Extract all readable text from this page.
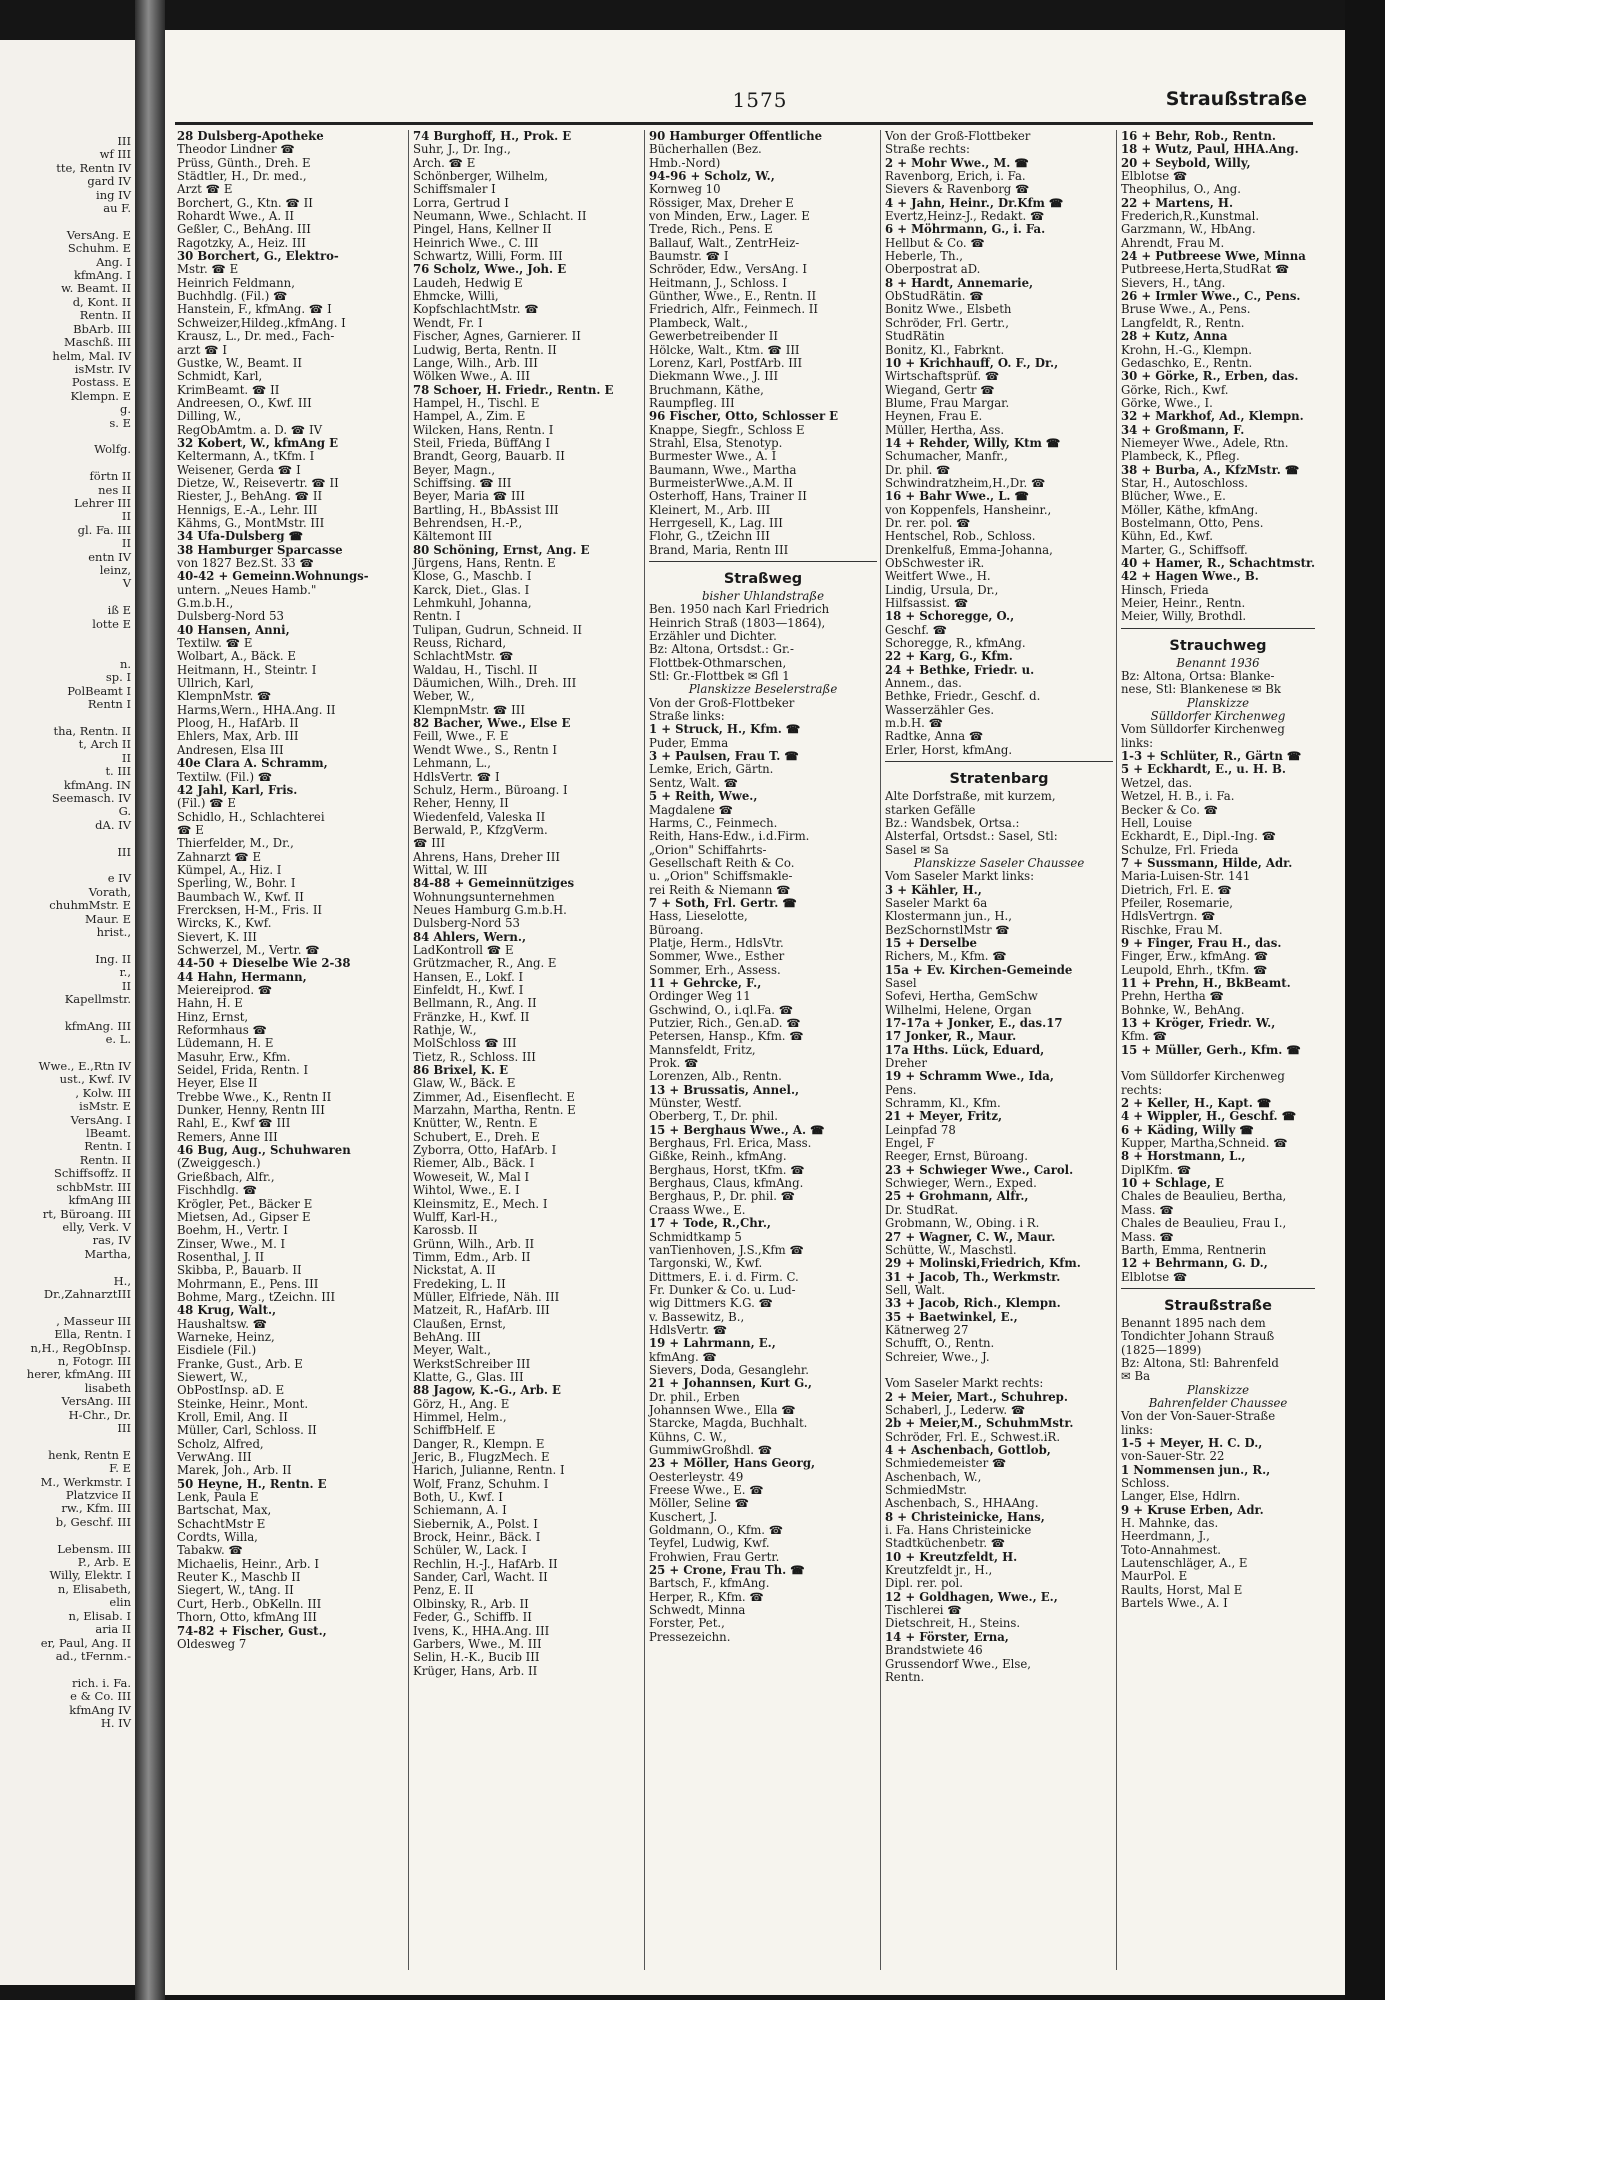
III
wf III
tte, Rentn IV
gard IV
ing IV
au F.

VersAng. E
Schuhm. E
Ang. I
kfmAng. I
w. Beamt. II
d, Kont. II
Rentn. II
BbArb. III
Maschß. III
helm, Mal. IV
isMstr. IV
Postass. E
Klempn. E
g.
s. E

Wolfg.

förtn II
nes II
Lehrer III
II
gl. Fa. III
II
entn IV
leinz,
V

iß E
lotte E

n.
sp. I
PolBeamt I
Rentn I

tha, Rentn. II
t, Arch II
II
t. III
kfmAng. IN
Seemasch. IV
G.
dA. IV

III

e IV
Vorath,
chuhmMstr. E
Maur. E
hrist.,

Ing. II
r.,
II
Kapellmstr.

kfmAng. III
e. L.

Wwe., E.,Rtn IV
ust., Kwf. IV
, Kolw. III
isMstr. E
VersAng. I
lBeamt.
Rentn. I
Rentn. II
Schiffsoffz. II
schbMstr. III
kfmAng III
rt, Büroang. III
elly, Verk. V
ras, IV
Martha,

H.,
Dr.,ZahnarztIII

, Masseur III
Ella, Rentn. I
n,H., RegObInsp.
n, Fotogr. III
herer, kfmAng. III
lisabeth
VersAng. III
H-Chr., Dr.
III

henk, Rentn E
F. E
M., Werkmstr. I
Platzvice II
rw., Kfm. III
b, Geschf. III

Lebensm. III
P., Arb. E
Willy, Elektr. I
n, Elisabeth,
elin
n, Elisab. I
aria II
er, Paul, Ang. II
ad., tFernm.-

rich. i. Fa.
e & Co. III
kfmAng IV
H. IV
1575	Straußstraße
28 Dulsberg-Apotheke
Theodor Lindner ☎
Prüss, Günth., Dreh. E
Städtler, H., Dr. med.,
Arzt ☎ E
Borchert, G., Ktn. ☎ II
Rohardt Wwe., A. II
Geßler, C., BehAng. III
Ragotzky, A., Heiz. III
30 Borchert, G., Elektro-
Mstr. ☎ E
Heinrich Feldmann,
Buchhdlg. (Fil.) ☎
Hanstein, F., kfmAng. ☎ I
Schweizer,Hildeg.,kfmAng. I
Krausz, L., Dr. med., Fach-
arzt ☎ I
Gustke, W., Beamt. II
Schmidt, Karl,
KrimBeamt. ☎ II
Andreesen, O., Kwf. III
Dilling, W.,
RegObAmtm. a. D. ☎ IV
32 Kobert, W., kfmAng E
Keltermann, A., tKfm. I
Weisener, Gerda ☎ I
Dietze, W., Reisevertr. ☎ II
Riester, J., BehAng. ☎ II
Hennigs, E.-A., Lehr. III
Kähms, G., MontMstr. III
34 Ufa-Dulsberg ☎
38 Hamburger Sparcasse
von 1827 Bez.St. 33 ☎
40-42 + Gemeinn.Wohnungs-
untern. „Neues Hamb."
G.m.b.H.,
Dulsberg-Nord 53
40 Hansen, Anni,
Textilw. ☎ E
Wolbart, A., Bäck. E
Heitmann, H., Steintr. I
Ullrich, Karl,
KlempnMstr. ☎
Harms,Wern., HHA.Ang. II
Ploog, H., HafArb. II
Ehlers, Max, Arb. III
Andresen, Elsa III
40e Clara A. Schramm,
Textilw. (Fil.) ☎
42 Jahl, Karl, Fris.
(Fil.) ☎ E
Schidlo, H., Schlachterei
☎ E
Thierfelder, M., Dr.,
Zahnarzt ☎ E
Kümpel, A., Hiz. I
Sperling, W., Bohr. I
Baumbach W., Kwf. II
Frercksen, H-M., Fris. II
Wircks, K., Kwf.
Sievert, K. III
Schwerzel, M., Vertr. ☎
44-50 + Dieselbe Wie 2-38
44 Hahn, Hermann,
Meiereiprod. ☎
Hahn, H. E
Hinz, Ernst,
Reformhaus ☎
Lüdemann, H. E
Masuhr, Erw., Kfm.
Seidel, Frida, Rentn. I
Heyer, Else II
Trebbe Wwe., K., Rentn II
Dunker, Henny, Rentn III
Rahl, E., Kwf ☎ III
Remers, Anne III
46 Bug, Aug., Schuhwaren
(Zweiggesch.)
Grießbach, Alfr.,
Fischhdlg. ☎
Krögler, Pet., Bäcker E
Mietsen, Ad., Gipser E
Boehm, H., Vertr. I
Zinser, Wwe., M. I
Rosenthal, J. II
Skibba, P., Bauarb. II
Mohrmann, E., Pens. III
Bohme, Marg., tZeichn. III
48 Krug, Walt.,
Haushaltsw. ☎
Warneke, Heinz,
Eisdiele (Fil.)
Franke, Gust., Arb. E
Siewert, W.,
ObPostInsp. aD. E
Steinke, Heinr., Mont.
Kroll, Emil, Ang. II
Müller, Carl, Schloss. II
Scholz, Alfred,
VerwAng. III
Marek, Joh., Arb. II
50 Heyne, H., Rentn. E
Lenk, Paula E
Bartschat, Max,
SchachtMstr E
Cordts, Willa,
Tabakw. ☎
Michaelis, Heinr., Arb. I
Reuter K., Maschb II
Siegert, W., tAng. II
Curt, Herb., ObKelln. III
Thorn, Otto, kfmAng III
74-82 + Fischer, Gust.,
Oldesweg 7
74 Burghoff, H., Prok. E
Suhr, J., Dr. Ing.,
Arch. ☎ E
Schönberger, Wilhelm,
Schiffsmaler I
Lorra, Gertrud I
Neumann, Wwe., Schlacht. II
Pingel, Hans, Kellner II
Heinrich Wwe., C. III
Schwartz, Willi, Form. III
76 Scholz, Wwe., Joh. E
Laudeh, Hedwig E
Ehmcke, Willi,
KopfschlachtMstr. ☎
Wendt, Fr. I
Fischer, Agnes, Garnierer. II
Ludwig, Berta, Rentn. II
Lange, Wilh., Arb. III
Wölken Wwe., A. III
78 Schoer, H. Friedr., Rentn. E
Hampel, H., Tischl. E
Hampel, A., Zim. E
Wilcken, Hans, Rentn. I
Steil, Frieda, BüffAng I
Brandt, Georg, Bauarb. II
Beyer, Magn.,
Schiffsing. ☎ III
Beyer, Maria ☎ III
Bartling, H., BbAssist III
Behrendsen, H.-P.,
Kältemont III
80 Schöning, Ernst, Ang. E
Jürgens, Hans, Rentn. E
Klose, G., Maschb. I
Karck, Diet., Glas. I
Lehmkuhl, Johanna,
Rentn. I
Tulipan, Gudrun, Schneid. II
Reuss, Richard,
SchlachtMstr. ☎
Waldau, H., Tischl. II
Däumichen, Wilh., Dreh. III
Weber, W.,
KlempnMstr. ☎ III
82 Bacher, Wwe., Else E
Feill, Wwe., F. E
Wendt Wwe., S., Rentn I
Lehmann, L.,
HdlsVertr. ☎ I
Schulz, Herm., Büroang. I
Reher, Henny, II
Wiedenfeld, Valeska II
Berwald, P., KfzgVerm.
☎ III
Ahrens, Hans, Dreher III
Wittal, W. III
84-88 + Gemeinnütziges
Wohnungsunternehmen
Neues Hamburg G.m.b.H.
Dulsberg-Nord 53
84 Ahlers, Wern.,
LadKontroll ☎ E
Grützmacher, R., Ang. E
Hansen, E., Lokf. I
Einfeldt, H., Kwf. I
Bellmann, R., Ang. II
Fränzke, H., Kwf. II
Rathje, W.,
MolSchloss ☎ III
Tietz, R., Schloss. III
86 Brixel, K. E
Glaw, W., Bäck. E
Zimmer, Ad., Eisenflecht. E
Marzahn, Martha, Rentn. E
Knütter, W., Rentn. E
Schubert, E., Dreh. E
Zyborra, Otto, HafArb. I
Riemer, Alb., Bäck. I
Woweseit, W., Mal I
Wihtol, Wwe., E. I
Kleinsmitz, E., Mech. I
Wulff, Karl-H.,
Karossb. II
Grünn, Wilh., Arb. II
Timm, Edm., Arb. II
Nickstat, A. II
Fredeking, L. II
Müller, Elfriede, Näh. III
Matzeit, R., HafArb. III
Claußen, Ernst,
BehAng. III
Meyer, Walt.,
WerkstSchreiber III
Klatte, G., Glas. III
88 Jagow, K.-G., Arb. E
Görz, H., Ang. E
Himmel, Helm.,
SchiffbHelf. E
Danger, R., Klempn. E
Jeric, B., FlugzMech. E
Harich, Julianne, Rentn. I
Wolf, Franz, Schuhm. I
Both, U., Kwf. I
Schiemann, A. I
Siebernik, A., Polst. I
Brock, Heinr., Bäck. I
Schüler, W., Lack. I
Rechlin, H.-J., HafArb. II
Sander, Carl, Wacht. II
Penz, E. II
Olbinsky, R., Arb. II
Feder, G., Schiffb. II
Ivens, K., HHA.Ang. III
Garbers, Wwe., M. III
Selin, H.-K., Bucib III
Krüger, Hans, Arb. II
90 Hamburger Öffentliche
Bücherhallen (Bez.
Hmb.-Nord)
94-96 + Scholz, W.,
Kornweg 10
Rössiger, Max, Dreher E
von Minden, Erw., Lager. E
Trede, Rich., Pens. E
Ballauf, Walt., ZentrHeiz-
Baumstr. ☎ I
Schröder, Edw., VersAng. I
Heitmann, J., Schloss. I
Günther, Wwe., E., Rentn. II
Friedrich, Alfr., Feinmech. II
Plambeck, Walt.,
Gewerbetreibender II
Hölcke, Walt., Ktm. ☎ III
Lorenz, Karl, PostfArb. III
Diekmann Wwe., J. III
Bruchmann, Käthe,
Raumpfleg. III
96 Fischer, Otto, Schlosser E
Knappe, Siegfr., Schloss E
Strahl, Elsa, Stenotyp.
Burmester Wwe., A. I
Baumann, Wwe., Martha
BurmeisterWwe.,A.M. II
Osterhoff, Hans, Trainer II
Kleinert, M., Arb. III
Herrgesell, K., Lag. III
Flohr, G., tZeichn III
Brand, Maria, Rentn III
Straßweg
bisher Uhlandstraße
Ben. 1950 nach Karl Friedrich
Heinrich Straß (1803—1864),
Erzähler und Dichter.
Bz: Altona, Ortsdst.: Gr.-
Flottbek-Othmarschen,
Stl: Gr.-Flottbek ✉ Gfl 1
Planskizze Beselerstraße
Von der Groß-Flottbeker
Straße links:
1 + Struck, H., Kfm. ☎
Puder, Emma
3 + Paulsen, Frau T. ☎
Lemke, Erich, Gärtn.
Sentz, Walt. ☎
5 + Reith, Wwe.,
Magdalene ☎
Harms, C., Feinmech.
Reith, Hans-Edw., i.d.Firm.
„Orion" Schiffahrts-
Gesellschaft Reith & Co.
u. „Orion" Schiffsmakle-
rei Reith & Niemann ☎
7 + Soth, Frl. Gertr. ☎
Hass, Lieselotte,
Büroang.
Platje, Herm., HdlsVtr.
Sommer, Wwe., Esther
Sommer, Erh., Assess.
11 + Gehrcke, F.,
Ordinger Weg 11
Gschwind, O., i.ql.Fa. ☎
Putzier, Rich., Gen.aD. ☎
Petersen, Hansp., Kfm. ☎
Mannsfeldt, Fritz,
Prok. ☎
Lorenzen, Alb., Rentn.
13 + Brussatis, Annel.,
Münster, Westf.
Oberberg, T., Dr. phil.
15 + Berghaus Wwe., A. ☎
Berghaus, Frl. Erica, Mass.
Gißke, Reinh., kfmAng.
Berghaus, Horst, tKfm. ☎
Berghaus, Claus, kfmAng.
Berghaus, P., Dr. phil. ☎
Craass Wwe., E.
17 + Tode, R.,Chr.,
Schmidtkamp 5
vanTienhoven, J.S.,Kfm ☎
Targonski, W., Kwf.
Dittmers, E. i. d. Firm. C.
Fr. Dunker & Co. u. Lud-
wig Dittmers K.G. ☎
v. Bassewitz, B.,
HdlsVertr. ☎
19 + Lahrmann, E.,
kfmAng. ☎
Sievers, Doda, Gesanglehr.
21 + Johannsen, Kurt G.,
Dr. phil., Erben
Johannsen Wwe., Ella ☎
Starcke, Magda, Buchhalt.
Kühns, C. W.,
GummiwGroßhdl. ☎
23 + Möller, Hans Georg,
Oesterleystr. 49
Freese Wwe., E. ☎
Möller, Seline ☎
Kuschert, J.
Goldmann, O., Kfm. ☎
Teyfel, Ludwig, Kwf.
Frohwien, Frau Gertr.
25 + Crone, Frau Th. ☎
Bartsch, F., kfmAng.
Herper, R., Kfm. ☎
Schwedt, Minna
Forster, Pet.,
Pressezeichn.
Von der Groß-Flottbeker
Straße rechts:
2 + Mohr Wwe., M. ☎
Ravenborg, Erich, i. Fa.
Sievers & Ravenborg ☎
4 + Jahn, Heinr., Dr.Kfm ☎
Evertz,Heinz-J., Redakt. ☎
6 + Möhrmann, G., i. Fa.
Hellbut & Co. ☎
Heberle, Th.,
Oberpostrat aD.
8 + Hardt, Annemarie,
ObStudRätin. ☎
Bonitz Wwe., Elsbeth
Schröder, Frl. Gertr.,
StudRätin
Bonitz, Kl., Fabrknt.
10 + Krichhauff, O. F., Dr.,
Wirtschaftsprüf. ☎
Wiegand, Gertr ☎
Blume, Frau Margar.
Heynen, Frau E.
Müller, Hertha, Ass.
14 + Rehder, Willy, Ktm ☎
Schumacher, Manfr.,
Dr. phil. ☎
Schwindratzheim,H.,Dr. ☎
16 + Bahr Wwe., L. ☎
von Koppenfels, Hansheinr.,
Dr. rer. pol. ☎
Hentschel, Rob., Schloss.
Drenkelfuß, Emma-Johanna,
ObSchwester iR.
Weitfert Wwe., H.
Lindig, Ursula, Dr.,
Hilfsassist. ☎
18 + Schoregge, O.,
Geschf. ☎
Schoregge, R., kfmAng.
22 + Karg, G., Kfm.
24 + Bethke, Friedr. u.
Annem., das.
Bethke, Friedr., Geschf. d.
Wasserzähler Ges.
m.b.H. ☎
Radtke, Anna ☎
Erler, Horst, kfmAng.
Stratenbarg
Alte Dorfstraße, mit kurzem,
starken Gefälle
Bz.: Wandsbek, Ortsa.:
Alsterfal, Ortsdst.: Sasel, Stl:
Sasel ✉ Sa
Planskizze Saseler Chaussee
Vom Saseler Markt links:
3 + Kähler, H.,
Saseler Markt 6a
Klostermann jun., H.,
BezSchornstlMstr ☎
15 + Derselbe
Richers, M., Kfm. ☎
15a + Ev. Kirchen-Gemeinde
Sasel
Sofevi, Hertha, GemSchw
Wilhelmi, Helene, Organ
17-17a + Jonker, E., das.17
17 Jonker, R., Maur.
17a Hths. Lück, Eduard,
Dreher
19 + Schramm Wwe., Ida,
Pens.
Schramm, Kl., Kfm.
21 + Meyer, Fritz,
Leinpfad 78
Engel, F
Reeger, Ernst, Büroang.
23 + Schwieger Wwe., Carol.
Schwieger, Wern., Exped.
25 + Grohmann, Alfr.,
Dr. StudRat.
Grobmann, W., Obing. i R.
27 + Wagner, C. W., Maur.
Schütte, W., Maschstl.
29 + Molinski,Friedrich, Kfm.
31 + Jacob, Th., Werkmstr.
Sell, Walt.
33 + Jacob, Rich., Klempn.
35 + Baetwinkel, E.,
Kätnerweg 27
Schufft, O., Rentn.
Schreier, Wwe., J.

Vom Saseler Markt rechts:
2 + Meier, Mart., Schuhrep.
Schaberl, J., Lederw. ☎
2b + Meier,M., SchuhmMstr.
Schröder, Frl. E., Schwest.iR.
4 + Aschenbach, Gottlob,
Schmiedemeister ☎
Aschenbach, W.,
SchmiedMstr.
Aschenbach, S., HHAAng.
8 + Christeinicke, Hans,
i. Fa. Hans Christeinicke
Stadtküchenbetr. ☎
10 + Kreutzfeldt, H.
Kreutzfeldt jr., H.,
Dipl. rer. pol.
12 + Goldhagen, Wwe., E.,
Tischlerei ☎
Dietschreit, H., Steins.
14 + Förster, Erna,
Brandstwiete 46
Grussendorf Wwe., Else,
Rentn.
16 + Behr, Rob., Rentn.
18 + Wutz, Paul, HHA.Ang.
20 + Seybold, Willy,
Elblotse ☎
Theophilus, O., Ang.
22 + Martens, H.
Frederich,R.,Kunstmal.
Garzmann, W., HbAng.
Ahrendt, Frau M.
24 + Putbreese Wwe, Minna
Putbreese,Herta,StudRat ☎
Sievers, H., tAng.
26 + Irmler Wwe., C., Pens.
Bruse Wwe., A., Pens.
Langfeldt, R., Rentn.
28 + Kutz, Anna
Krohn, H.-G., Klempn.
Gedaschko, E., Rentn.
30 + Görke, R., Erben, das.
Görke, Rich., Kwf.
Görke, Wwe., I.
32 + Markhof, Ad., Klempn.
34 + Großmann, F.
Niemeyer Wwe., Adele, Rtn.
Plambeck, K., Pfleg.
38 + Burba, A., KfzMstr. ☎
Star, H., Autoschloss.
Blücher, Wwe., E.
Möller, Käthe, kfmAng.
Bostelmann, Otto, Pens.
Kühn, Ed., Kwf.
Marter, G., Schiffsoff.
40 + Hamer, R., Schachtmstr.
42 + Hagen Wwe., B.
Hinsch, Frieda
Meier, Heinr., Rentn.
Meier, Willy, Brothdl.
Strauchweg
Benannt 1936
Bz: Altona, Ortsa: Blanke-
nese, Stl: Blankenese ✉ Bk
Planskizze
Sülldorfer Kirchenweg
Vom Sülldorfer Kirchenweg
links:
1-3 + Schlüter, R., Gärtn ☎
5 + Eckhardt, E., u. H. B.
Wetzel, das.
Wetzel, H. B., i. Fa.
Becker & Co. ☎
Hell, Louise
Eckhardt, E., Dipl.-Ing. ☎
Schulze, Frl. Frieda
7 + Sussmann, Hilde, Adr.
Maria-Luisen-Str. 141
Dietrich, Frl. E. ☎
Pfeiler, Rosemarie,
HdlsVertrgn. ☎
Rischke, Frau M.
9 + Finger, Frau H., das.
Finger, Erw., kfmAng. ☎
Leupold, Ehrh., tKfm. ☎
11 + Prehn, H., BkBeamt.
Prehn, Hertha ☎
Bohnke, W., BehAng.
13 + Kröger, Friedr. W.,
Kfm. ☎
15 + Müller, Gerh., Kfm. ☎

Vom Sülldorfer Kirchenweg
rechts:
2 + Keller, H., Kapt. ☎
4 + Wippler, H., Geschf. ☎
6 + Käding, Willy ☎
Kupper, Martha,Schneid. ☎
8 + Horstmann, L.,
DiplKfm. ☎
10 + Schlage, E
Chales de Beaulieu, Bertha,
Mass. ☎
Chales de Beaulieu, Frau I.,
Mass. ☎
Barth, Emma, Rentnerin
12 + Behrmann, G. D.,
Elblotse ☎
Straußstraße
Benannt 1895 nach dem
Tondichter Johann Strauß
(1825—1899)
Bz: Altona, Stl: Bahrenfeld
✉ Ba
Planskizze
Bahrenfelder Chaussee
Von der Von-Sauer-Straße
links:
1-5 + Meyer, H. C. D.,
von-Sauer-Str. 22
1 Nommensen jun., R.,
Schloss.
Langer, Else, Hdlrn.
9 + Kruse Erben, Adr.
H. Mahnke, das.
Heerdmann, J.,
Toto-Annahmest.
Lautenschläger, A., E
MaurPol. E
Raults, Horst, Mal E
Bartels Wwe., A. I
